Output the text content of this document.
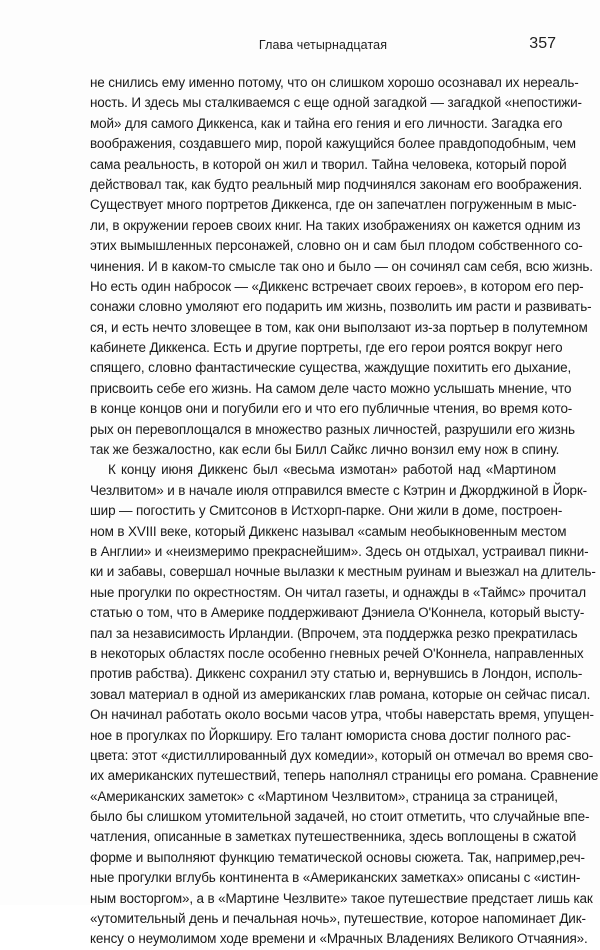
Глава четырнадцатая	357
не снились ему именно потому, что он слишком хорошо осознавал их нереаль-
ность. И здесь мы сталкиваемся с еще одной загадкой — загадкой «непостижи-
мой» для самого Диккенса, как и тайна его гения и его личности. Загадка его
воображения, создавшего мир, порой кажущийся более правдоподобным, чем
сама реальность, в которой он жил и творил. Тайна человека, который порой
действовал так, как будто реальный мир подчинялся законам его воображения.
Существует много портретов Диккенса, где он запечатлен погруженным в мыс-
ли, в окружении героев своих книг. На таких изображениях он кажется одним из
этих вымышленных персонажей, словно он и сам был плодом собственного со-
чинения. И в каком-то смысле так оно и было — он сочинял сам себя, всю жизнь.
Но есть один набросок — «Диккенс встречает своих героев», в котором его пер-
сонажи словно умоляют его подарить им жизнь, позволить им расти и развивать-
ся, и есть нечто зловещее в том, как они выползают из-за портьер в полутемном
кабинете Диккенса. Есть и другие портреты, где его герои роятся вокруг него
спящего, словно фантастические существа, жаждущие похитить его дыхание,
присвоить себе его жизнь. На самом деле часто можно услышать мнение, что
в конце концов они и погубили его и что его публичные чтения, во время кото-
рых он перевоплощался в множество разных личностей, разрушили его жизнь
так же безжалостно, как если бы Билл Сайкс лично вонзил ему нож в спину.
К концу июня Диккенс был «весьма измотан» работой над «Мартином
Чезлвитом» и в начале июля отправился вместе с Кэтрин и Джорджиной в Йорк-
шир — погостить у Смитсонов в Истхорп-парке. Они жили в доме, построен-
ном в XVIII веке, который Диккенс называл «самым необыкновенным местом
в Англии» и «неизмеримо прекраснейшим». Здесь он отдыхал, устраивал пикни-
ки и забавы, совершал ночные вылазки к местным руинам и выезжал на длитель-
ные прогулки по окрестностям. Он читал газеты, и однажды в «Таймс» прочитал
статью о том, что в Америке поддерживают Дэниела О'Коннела, который высту-
пал за независимость Ирландии. (Впрочем, эта поддержка резко прекратилась
в некоторых областях после особенно гневных речей О'Коннела, направленных
против рабства). Диккенс сохранил эту статью и, вернувшись в Лондон, исполь-
зовал материал в одной из американских глав романа, которые он сейчас писал.
Он начинал работать около восьми часов утра, чтобы наверстать время, упущен-
ное в прогулках по Йоркширу. Его талант юмориста снова достиг полного рас-
цвета: этот «дистиллированный дух комедии», который он отмечал во время сво-
их американских путешествий, теперь наполнял страницы его романа. Сравнение
«Американских заметок» с «Мартином Чезлвитом», страница за страницей,
было бы слишком утомительной задачей, но стоит отметить, что случайные впе-
чатления, описанные в заметках путешественника, здесь воплощены в сжатой
форме и выполняют функцию тематической основы сюжета. Так, например,реч-
ные прогулки вглубь континента в «Американских заметках» описаны с «истин-
ным восторгом», а в «Мартине Чезлвите» такое путешествие предстает лишь как
«утомительный день и печальная ночь», путешествие, которое напоминает Дик-
кенсу о неумолимом ходе времени и «Мрачных Владениях Великого Отчаяния».
